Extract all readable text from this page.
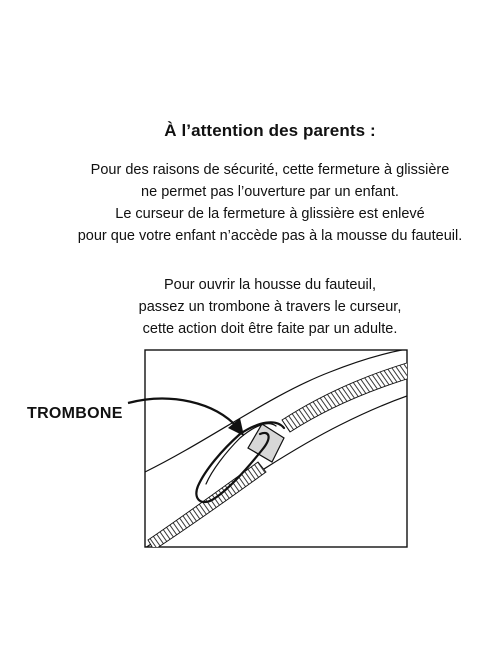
À l’attention des parents :

Pour des raisons de sécurité, cette fermeture à glissière
ne permet pas l’ouverture par un enfant.
Le curseur de la fermeture à glissière est enlevé
pour que votre enfant n’accède pas à la mousse du fauteuil.

Pour ouvrir la housse du fauteuil,
passez un trombone à travers le curseur,
cette action doit être faite par un adulte.

TROMBONE
